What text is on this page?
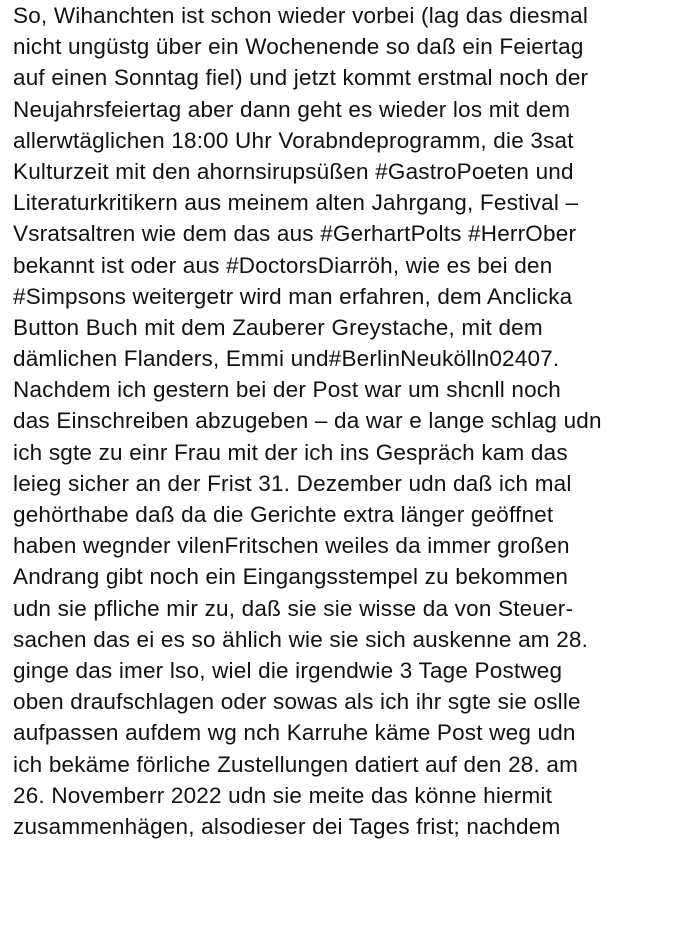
So, Wihanchten ist schon wieder vorbei (lag das diesmal
nicht ungüstg über ein Wochenende so daß ein Feiertag
auf einen Sonntag fiel) und jetzt kommt erstmal noch der
Neujahrsfeiertag aber dann geht es wieder los mit dem
allerwtäglichen 18:00 Uhr Vorabndeprogramm, die 3sat
Kulturzeit mit den ahornsirupsüßen #GastroPoeten und
Literaturkritikern aus meinem alten Jahrgang, Festival –
Vsratsaltren wie dem das aus #GerhartPolts #HerrOber
bekannt ist oder aus #DoctorsDiarröh, wie es bei den
#Simpsons weitergetr wird man erfahren, dem Anclicka
Button Buch mit dem Zauberer Greystache, mit dem
dämlichen Flanders, Emmi und#BerlinNeukölln02407.
Nachdem ich gestern bei der Post war um shcnll noch
das Einschreiben abzugeben – da war e lange schlag udn
ich sgte zu einr Frau mit der ich ins Gespräch kam das
leieg sicher an der Frist 31. Dezember udn daß ich mal
gehörthabe daß da die Gerichte extra länger geöffnet
haben wegnder vilenFritschen weiles da immer großen
Andrang gibt noch ein Eingangsstempel zu bekommen
udn sie pfliche mir zu, daß sie sie wisse da von Steuer-
sachen das ei es so ählich wie sie sich auskenne am 28.
ginge das imer lso, wiel die irgendwie 3 Tage Postweg
oben draufschlagen oder sowas als ich ihr sgte sie oslle
aufpassen aufdem wg nch Karruhe käme Post weg udn
ich bekäme förliche Zustellungen datiert auf den 28. am
26. Novemberr 2022 udn sie meite das könne hiermit
zusammenhägen, alsodieser dei Tages frist; nachdem
